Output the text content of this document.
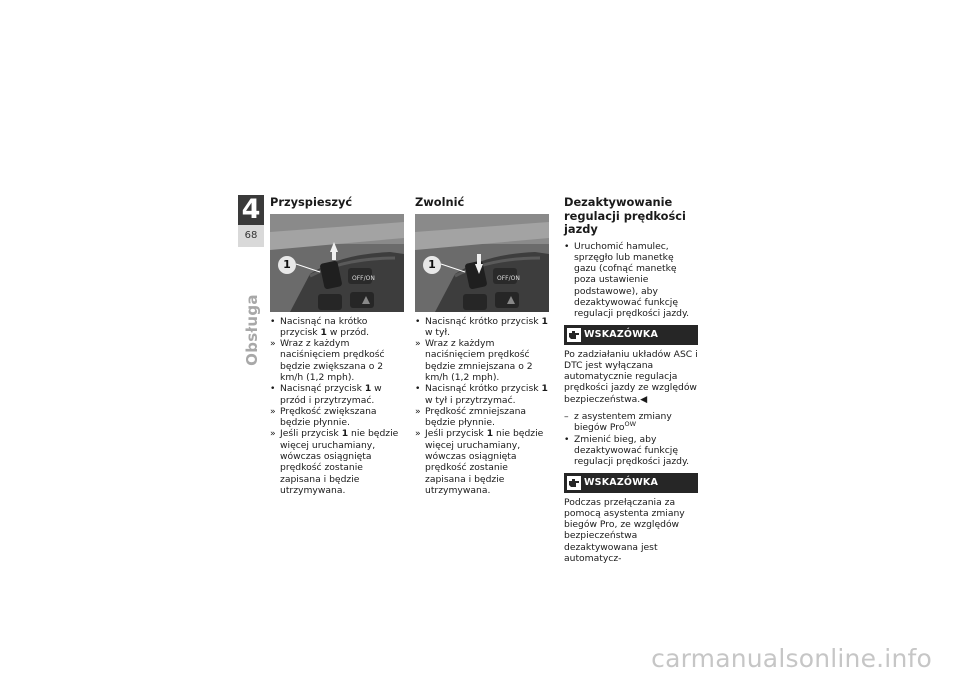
4
68
Obsługa
Przyspieszyć
OFF/ON
1
• Nacisnąć na krótko przycisk 1 w przód.
» Wraz z każdym naciśnięciem prędkość będzie zwiększana o 2 km/h (1,2 mph).
• Nacisnąć przycisk 1 w przód i przytrzymać.
» Prędkość zwiększana będzie płynnie.
» Jeśli przycisk 1 nie będzie więcej uruchamiany, wówczas osiągnięta prędkość zostanie zapisana i będzie utrzymywana.
Zwolnić
OFF/ON
1
• Nacisnąć krótko przycisk 1 w tył.
» Wraz z każdym naciśnięciem prędkość będzie zmniejszana o 2 km/h (1,2 mph).
• Nacisnąć krótko przycisk 1 w tył i przytrzymać.
» Prędkość zmniejszana będzie płynnie.
» Jeśli przycisk 1 nie będzie więcej uruchamiany, wówczas osiągnięta prędkość zostanie zapisana i będzie utrzymywana.
Dezaktywowanie regulacji prędkości jazdy
• Uruchomić hamulec, sprzęgło lub manetkę gazu (cofnąć manetkę poza ustawienie podstawowe), aby dezaktywować funkcję regulacji prędkości jazdy.
WSKAZÓWKA

Po zadziałaniu układów ASC i DTC jest wyłączana automatycznie regulacja prędkości jazdy ze względów bezpieczeństwa.◀

– z asystentem zmiany biegów Pro$^{OW}$
• Zmienić bieg, aby dezaktywować funkcję regulacji prędkości jazdy.
WSKAZÓWKA

Podczas przełączania za pomocą asystenta zmiany biegów Pro, ze względów bezpieczeństwa dezaktywowana jest automatycz-

carmanualsonline.info
